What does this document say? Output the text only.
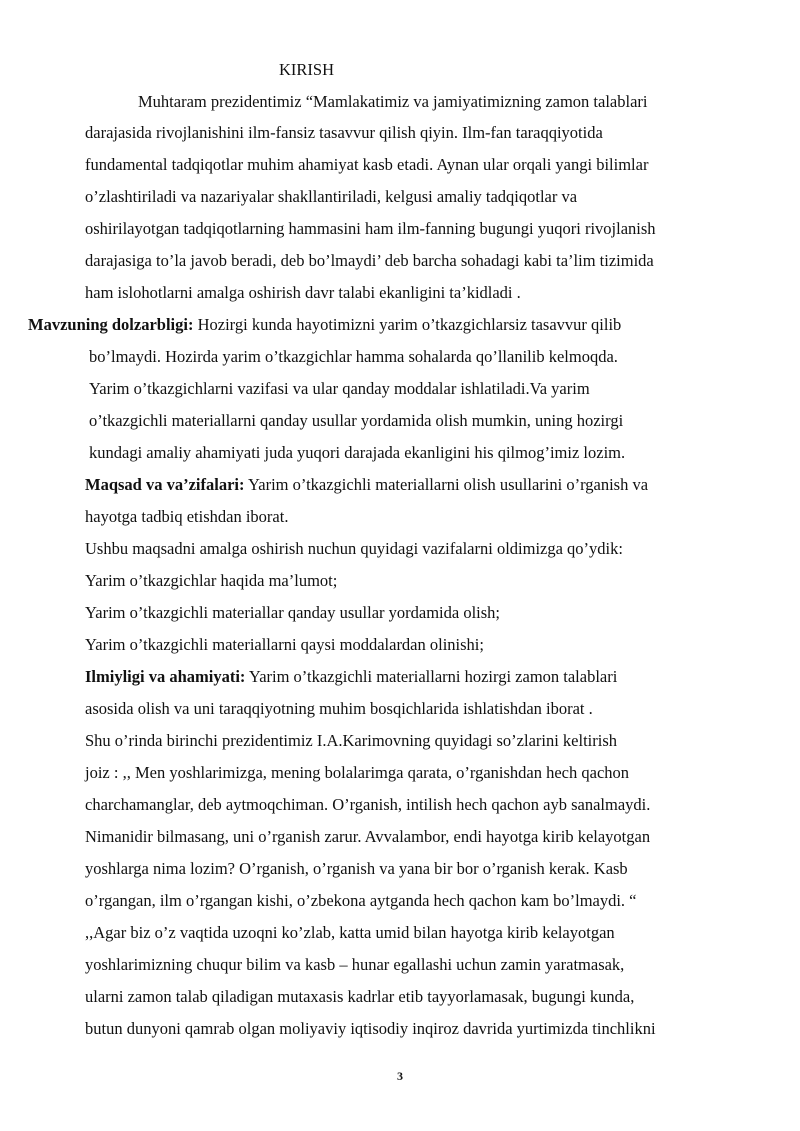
KIRISH
Muhtaram prezidentimiz “Mamlakatimiz va jamiyatimizning zamon talablari
darajasida rivojlanishini ilm-fansiz tasavvur qilish qiyin. Ilm-fan taraqqiyotida
fundamental tadqiqotlar muhim ahamiyat kasb etadi. Aynan ular orqali yangi bilimlar
o’zlashtiriladi va nazariyalar shakllantiriladi, kelgusi amaliy tadqiqotlar va
oshirilayotgan tadqiqotlarning hammasini ham ilm-fanning bugungi yuqori rivojlanish
darajasiga to’la javob beradi, deb bo’lmaydi’ deb barcha sohadagi kabi ta’lim tizimida
ham islohotlarni amalga oshirish davr talabi ekanligini ta’kidladi .
Mavzuning dolzarbligi: Hozirgi kunda hayotimizni yarim o’tkazgichlarsiz tasavvur qilib
bo’lmaydi. Hozirda yarim o’tkazgichlar hamma sohalarda qo’llanilib kelmoqda.
Yarim o’tkazgichlarni vazifasi va ular qanday moddalar ishlatiladi.Va yarim
o’tkazgichli materiallarni qanday usullar yordamida olish mumkin, uning hozirgi
kundagi amaliy ahamiyati juda yuqori darajada ekanligini his qilmog’imiz lozim.
Maqsad va va’zifalari: Yarim o’tkazgichli materiallarni olish usullarini o’rganish va
hayotga tadbiq etishdan iborat.
Ushbu maqsadni amalga oshirish nuchun quyidagi vazifalarni oldimizga qo’ydik:
Yarim o’tkazgichlar haqida ma’lumot;
Yarim o’tkazgichli materiallar qanday usullar yordamida olish;
Yarim o’tkazgichli materiallarni qaysi moddalardan olinishi;
Ilmiyligi va ahamiyati: Yarim o’tkazgichli materiallarni hozirgi zamon talablari
asosida olish va uni taraqqiyotning muhim bosqichlarida ishlatishdan iborat .
Shu o’rinda birinchi prezidentimiz I.A.Karimovning quyidagi so’zlarini keltirish
joiz : ,, Men yoshlarimizga, mening bolalarimga qarata, o’rganishdan hech qachon
charchamanglar, deb aytmoqchiman. O’rganish, intilish hech qachon ayb sanalmaydi.
Nimanidir bilmasang, uni o’rganish zarur. Avvalambor, endi hayotga kirib kelayotgan
yoshlarga nima lozim? O’rganish, o’rganish va yana bir bor o’rganish kerak. Kasb
o’rgangan, ilm o’rgangan kishi, o’zbekona aytganda hech qachon kam bo’lmaydi. “
,,Agar biz o’z vaqtida uzoqni ko’zlab, katta umid bilan hayotga kirib kelayotgan
yoshlarimizning chuqur bilim va kasb – hunar egallashi uchun zamin yaratmasak,
ularni zamon talab qiladigan mutaxasis kadrlar etib tayyorlamasak, bugungi kunda,
butun dunyoni qamrab olgan moliyaviy iqtisodiy inqiroz davrida yurtimizda tinchlikni
3
